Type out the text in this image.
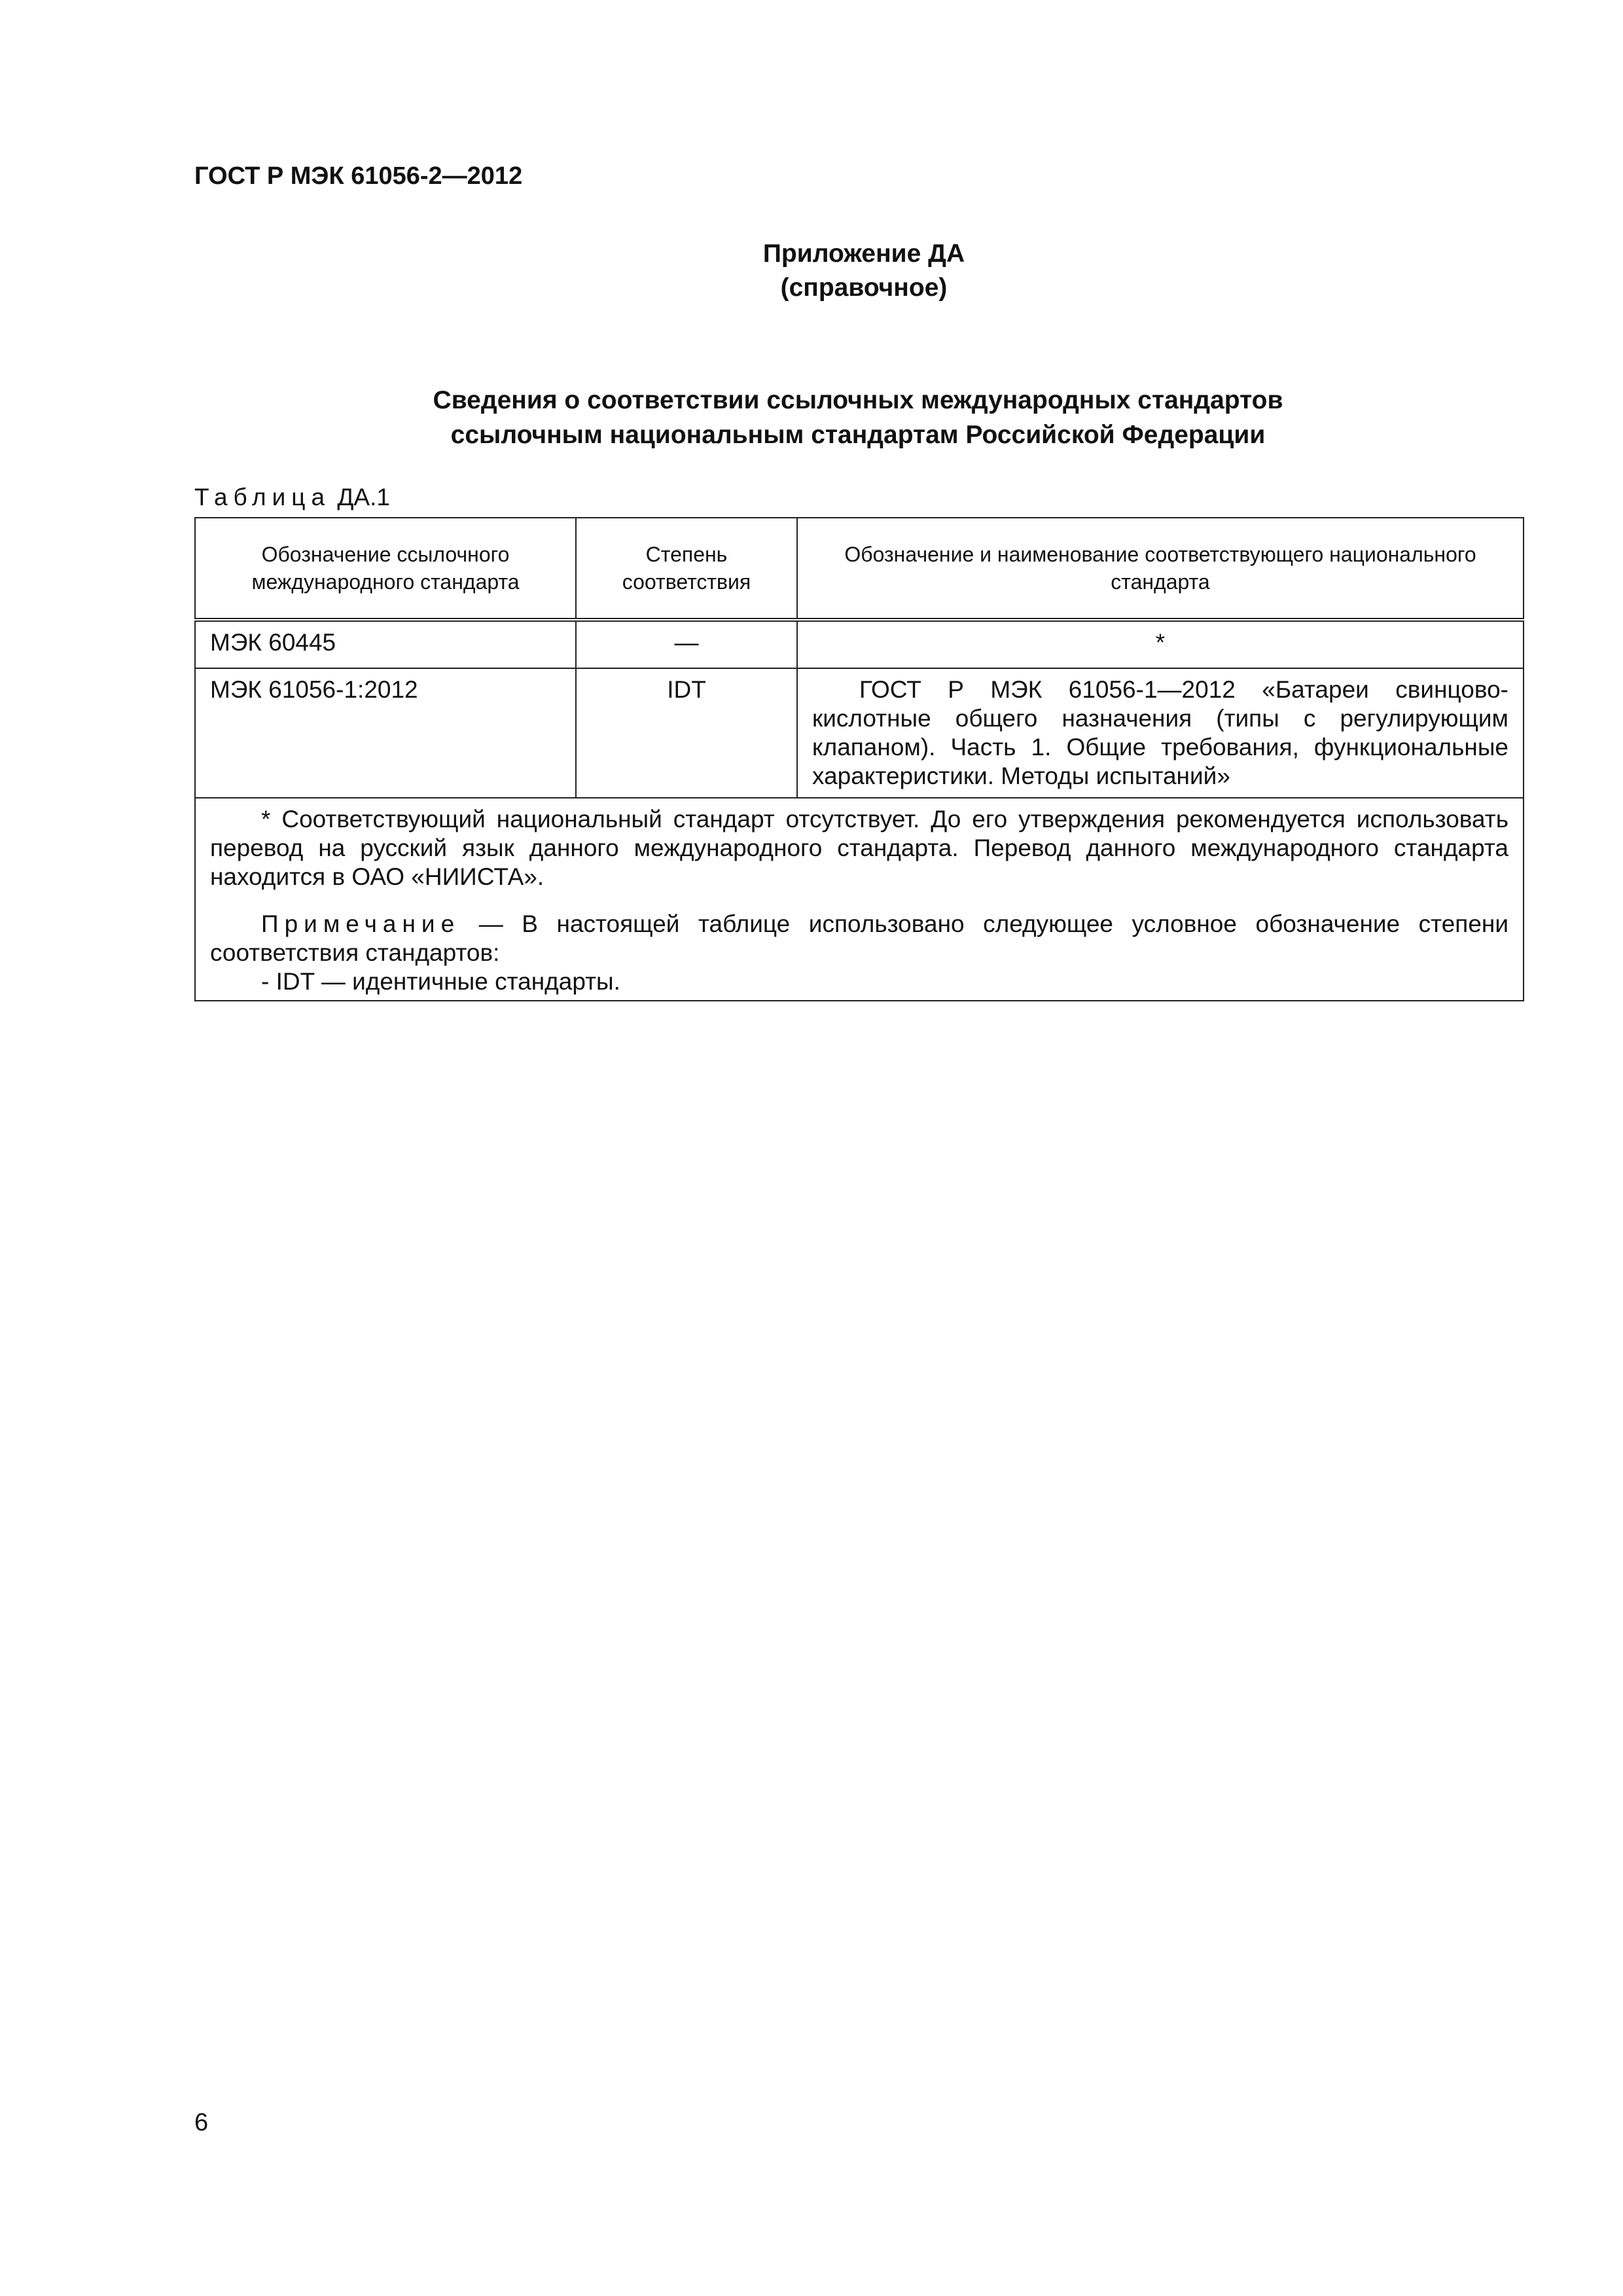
ГОСТ Р МЭК 61056-2—2012
Приложение ДА
(справочное)
Сведения о соответствии ссылочных международных стандартов
ссылочным национальным стандартам Российской Федерации
Таблица ДА.1
Обозначение ссылочного международного стандарта	Степень соответствия	Обозначение и наименование соответствующего национального стандарта
МЭК 60445	—	*
МЭК 61056-1:2012	IDT	ГОСТ Р МЭК 61056-1—2012 «Батареи свинцово-кислотные общего назначения (типы с регулирующим клапаном). Часть 1. Общие требования, функциональные характеристики. Методы испытаний»

* Соответствующий национальный стандарт отсутствует. До его утверждения рекомендуется использовать перевод на русский язык данного международного стандарта. Перевод данного международного стандарта находится в ОАО «НИИСТА».

Примечание — В настоящей таблице использовано следующее условное обозначение степени соответствия стандартов:

- IDT — идентичные стандарты.		

6
